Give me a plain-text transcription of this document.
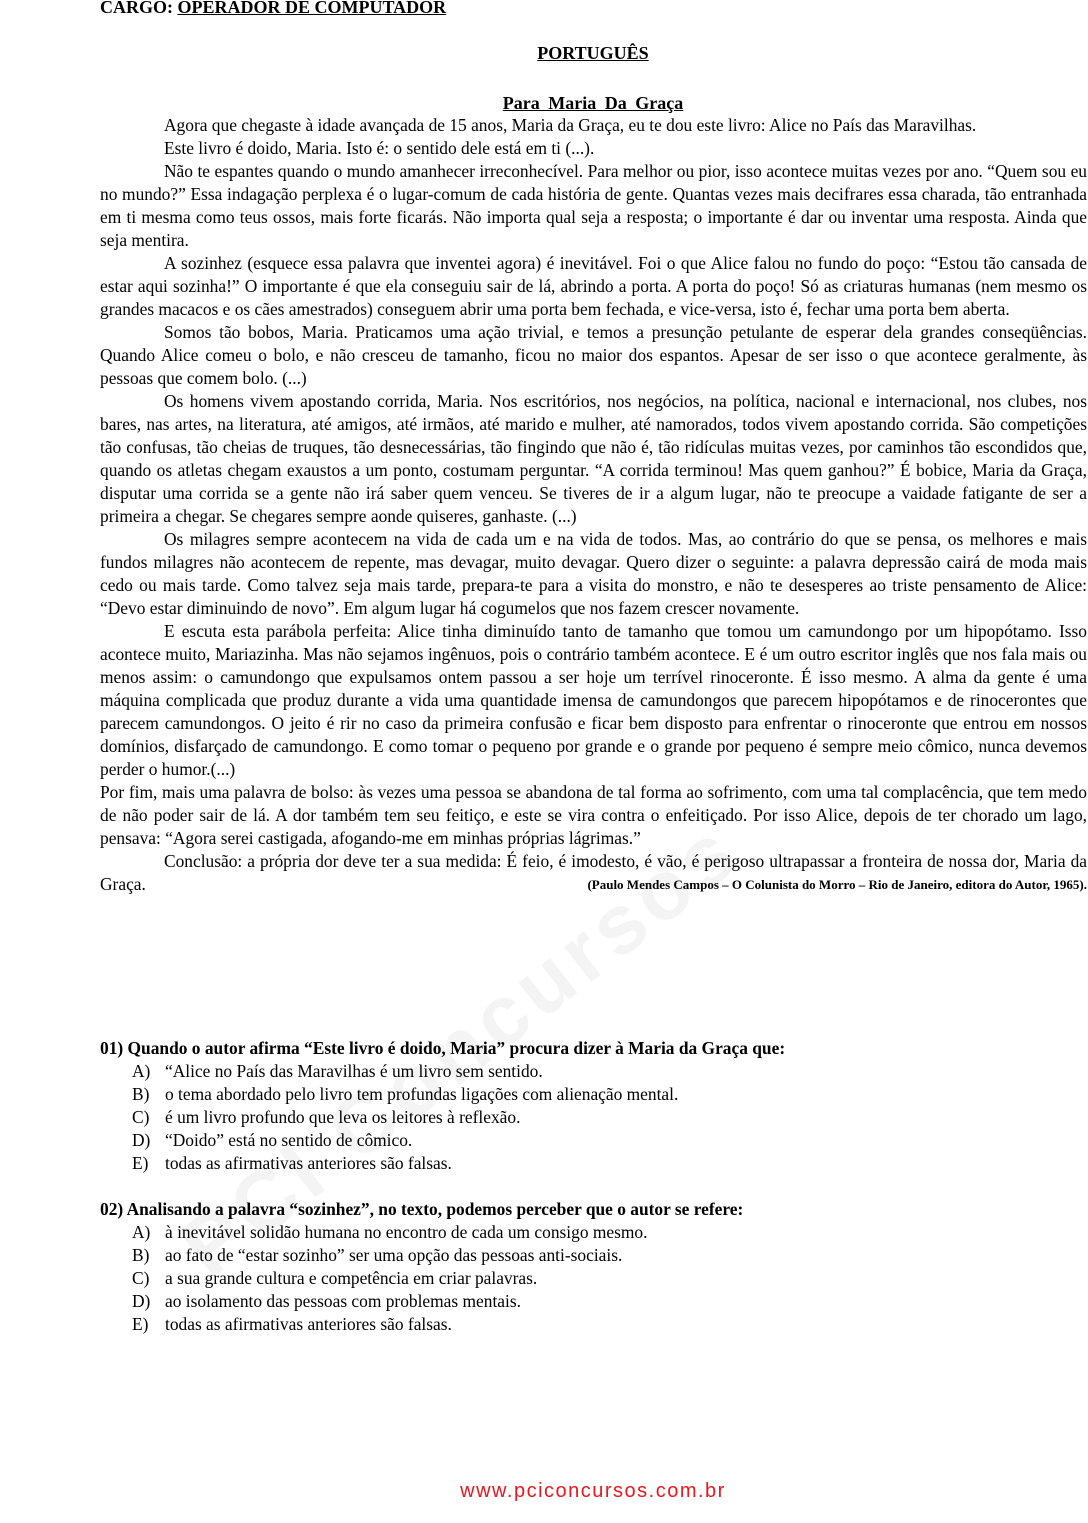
CARGO: OPERADOR DE COMPUTADOR
PORTUGUÊS
Para Maria Da Graça

Agora que chegaste à idade avançada de 15 anos, Maria da Graça, eu te dou este livro: Alice no País das Maravilhas.

Este livro é doido, Maria. Isto é: o sentido dele está em ti (...).

Não te espantes quando o mundo amanhecer irreconhecível. Para melhor ou pior, isso acontece muitas vezes por ano. “Quem sou eu no mundo?” Essa indagação perplexa é o lugar-comum de cada história de gente. Quantas vezes mais decifrares essa charada, tão entranhada em ti mesma como teus ossos, mais forte ficarás. Não importa qual seja a resposta; o importante é dar ou inventar uma resposta. Ainda que seja mentira.

A sozinhez (esquece essa palavra que inventei agora) é inevitável. Foi o que Alice falou no fundo do poço: “Estou tão cansada de estar aqui sozinha!” O importante é que ela conseguiu sair de lá, abrindo a porta. A porta do poço! Só as criaturas humanas (nem mesmo os grandes macacos e os cães amestrados) conseguem abrir uma porta bem fechada, e vice-versa, isto é, fechar uma porta bem aberta.

Somos tão bobos, Maria. Praticamos uma ação trivial, e temos a presunção petulante de esperar dela grandes conseqüências. Quando Alice comeu o bolo, e não cresceu de tamanho, ficou no maior dos espantos. Apesar de ser isso o que acontece geralmente, às pessoas que comem bolo. (...)

Os homens vivem apostando corrida, Maria. Nos escritórios, nos negócios, na política, nacional e internacional, nos clubes, nos bares, nas artes, na literatura, até amigos, até irmãos, até marido e mulher, até namorados, todos vivem apostando corrida. São competições tão confusas, tão cheias de truques, tão desnecessárias, tão fingindo que não é, tão ridículas muitas vezes, por caminhos tão escondidos que, quando os atletas chegam exaustos a um ponto, costumam perguntar. “A corrida terminou! Mas quem ganhou?” É bobice, Maria da Graça, disputar uma corrida se a gente não irá saber quem venceu. Se tiveres de ir a algum lugar, não te preocupe a vaidade fatigante de ser a primeira a chegar. Se chegares sempre aonde quiseres, ganhaste. (...)

Os milagres sempre acontecem na vida de cada um e na vida de todos. Mas, ao contrário do que se pensa, os melhores e mais fundos milagres não acontecem de repente, mas devagar, muito devagar. Quero dizer o seguinte: a palavra depressão cairá de moda mais cedo ou mais tarde. Como talvez seja mais tarde, prepara-te para a visita do monstro, e não te desesperes ao triste pensamento de Alice: “Devo estar diminuindo de novo”. Em algum lugar há cogumelos que nos fazem crescer novamente.

E escuta esta parábola perfeita: Alice tinha diminuído tanto de tamanho que tomou um camundongo por um hipopótamo. Isso acontece muito, Mariazinha. Mas não sejamos ingênuos, pois o contrário também acontece. E é um outro escritor inglês que nos fala mais ou menos assim: o camundongo que expulsamos ontem passou a ser hoje um terrível rinoceronte. É isso mesmo. A alma da gente é uma máquina complicada que produz durante a vida uma quantidade imensa de camundongos que parecem hipopótamos e de rinocerontes que parecem camundongos. O jeito é rir no caso da primeira confusão e ficar bem disposto para enfrentar o rinoceronte que entrou em nossos domínios, disfarçado de camundongo. E como tomar o pequeno por grande e o grande por pequeno é sempre meio cômico, nunca devemos perder o humor.(...)

Por fim, mais uma palavra de bolso: às vezes uma pessoa se abandona de tal forma ao sofrimento, com uma tal complacência, que tem medo de não poder sair de lá. A dor também tem seu feitiço, e este se vira contra o enfeitiçado. Por isso Alice, depois de ter chorado um lago, pensava: “Agora serei castigada, afogando-me em minhas próprias lágrimas.”

Conclusão: a própria dor deve ter a sua medida: É feio, é imodesto, é vão, é perigoso ultrapassar a fronteira de nossa dor, Maria da Graça.	(Paulo Mendes Campos – O Colunista do Morro – Rio de Janeiro, editora do Autor, 1965).

01) Quando o autor afirma “Este livro é doido, Maria” procura dizer à Maria da Graça que:
A) “Alice no País das Maravilhas é um livro sem sentido.
B) o tema abordado pelo livro tem profundas ligações com alienação mental.
C) é um livro profundo que leva os leitores à reflexão.
D) “Doido” está no sentido de cômico.
E) todas as afirmativas anteriores são falsas.
02) Analisando a palavra “sozinhez”, no texto, podemos perceber que o autor se refere:
A) à inevitável solidão humana no encontro de cada um consigo mesmo.
B) ao fato de “estar sozinho” ser uma opção das pessoas anti-sociais.
C) a sua grande cultura e competência em criar palavras.
D) ao isolamento das pessoas com problemas mentais.
E) todas as afirmativas anteriores são falsas.
www.pciconcursos.com.br
